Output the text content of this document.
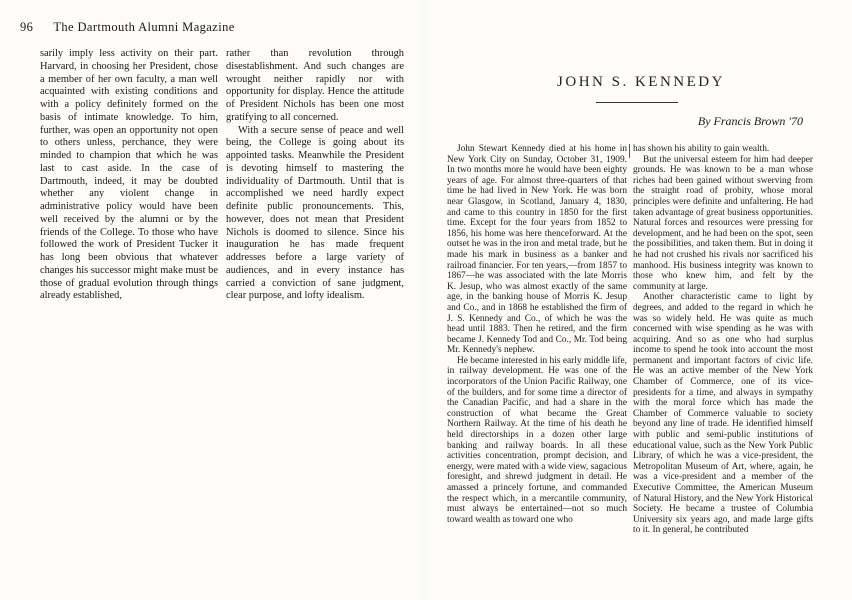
96 The Dartmouth Alumni Magazine

sarily imply less activity on their part. Harvard, in choosing her President, chose a member of her own faculty, a man well acquainted with existing conditions and with a policy definitely formed on the basis of intimate knowledge. To him, further, was open an opportunity not open to others unless, perchance, they were minded to champion that which he was last to cast aside. In the case of Dartmouth, indeed, it may be doubted whether any violent change in administrative policy would have been well received by the alumni or by the friends of the College. To those who have followed the work of President Tucker it has long been obvious that whatever changes his successor might make must be those of gradual evolution through things already established,

rather than revolution through disestablishment. And such changes are wrought neither rapidly nor with opportunity for display. Hence the attitude of President Nichols has been one most gratifying to all concerned.

With a secure sense of peace and well being, the College is going about its appointed tasks. Meanwhile the President is devoting himself to mastering the individuality of Dartmouth. Until that is accomplished we need hardly expect definite public pronouncements. This, however, does not mean that President Nichols is doomed to silence. Since his inauguration he has made frequent addresses before a large variety of audiences, and in every instance has carried a conviction of sane judgment, clear purpose, and lofty idealism.

JOHN S. KENNEDY
By Francis Brown '70

John Stewart Kennedy died at his home in New York City on Sunday, October 31, 1909. In two months more he would have been eighty years of age. For almost three-quarters of that time he had lived in New York. He was born near Glasgow, in Scotland, January 4, 1830, and came to this country in 1850 for the first time. Except for the four years from 1852 to 1856, his home was here thenceforward. At the outset he was in the iron and metal trade, but he made his mark in business as a banker and railroad financier. For ten years,—from 1857 to 1867—he was associated with the late Morris K. Jesup, who was almost exactly of the same age, in the banking house of Morris K. Jesup and Co., and in 1868 he established the firm of J. S. Kennedy and Co., of which he was the head until 1883. Then he retired, and the firm became J. Kennedy Tod and Co., Mr. Tod being Mr. Kennedy's nephew.

He became interested in his early middle life, in railway development. He was one of the incorporators of the Union Pacific Railway, one of the builders, and for some time a director of the Canadian Pacific, and had a share in the construction of what became the Great Northern Railway. At the time of his death he held directorships in a dozen other large banking and railway boards. In all these activities concentration, prompt decision, and energy, were mated with a wide view, sagacious foresight, and shrewd judgment in detail. He amassed a princely fortune, and commanded the respect which, in a mercantile community, must always be entertained—not so much toward wealth as toward one who

has shown his ability to gain wealth.

But the universal esteem for him had deeper grounds. He was known to be a man whose riches had been gained without swerving from the straight road of probity, whose moral principles were definite and unfaltering. He had taken advantage of great business opportunities. Natural forces and resources were pressing for development, and he had been on the spot, seen the possibilities, and taken them. But in doing it he had not crushed his rivals nor sacrificed his manhood. His business integrity was known to those who knew him, and felt by the community at large.

Another characteristic came to light by degrees, and added to the regard in which he was so widely held. He was quite as much concerned with wise spending as he was with acquiring. And so as one who had surplus income to spend he took into account the most permanent and important factors of civic life. He was an active member of the New York Chamber of Commerce, one of its vice-presidents for a time, and always in sympathy with the moral force which has made the Chamber of Commerce valuable to society beyond any line of trade. He identified himself with public and semi-public institutions of educational value, such as the New York Public Library, of which he was a vice-president, the Metropolitan Museum of Art, where, again, he was a vice-president and a member of the Executive Committee, the American Museum of Natural History, and the New York Historical Society. He became a trustee of Columbia University six years ago, and made large gifts to it. In general, he contributed
